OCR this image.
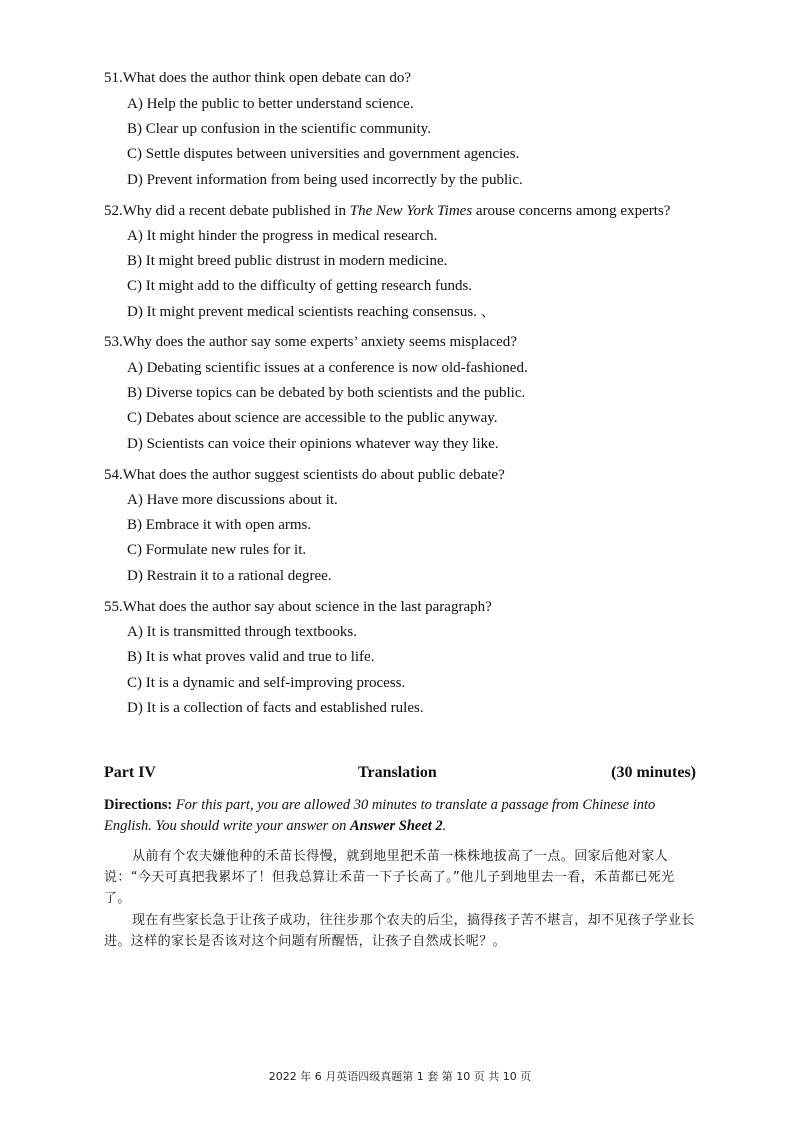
51.What does the author think open debate can do?
A) Help the public to better understand science.
B) Clear up confusion in the scientific community.
C) Settle disputes between universities and government agencies.
D) Prevent information from being used incorrectly by the public.
52.Why did a recent debate published in The New York Times arouse concerns among experts?
A) It might hinder the progress in medical research.
B) It might breed public distrust in modern medicine.
C) It might add to the difficulty of getting research funds.
D) It might prevent medical scientists reaching consensus. 、
53.Why does the author say some experts’ anxiety seems misplaced?
A) Debating scientific issues at a conference is now old-fashioned.
B) Diverse topics can be debated by both scientists and the public.
C) Debates about science are accessible to the public anyway.
D) Scientists can voice their opinions whatever way they like.
54.What does the author suggest scientists do about public debate?
A) Have more discussions about it.
B) Embrace it with open arms.
C) Formulate new rules for it.
D) Restrain it to a rational degree.
55.What does the author say about science in the last paragraph?
A) It is transmitted through textbooks.
B) It is what proves valid and true to life.
C) It is a dynamic and self-improving process.
D) It is a collection of facts and established rules.
Part IV	Translation	(30 minutes)
Directions: For this part, you are allowed 30 minutes to translate a passage from Chinese into English. You should write your answer on Answer Sheet 2.
从前有个农夫嫌他种的禾苗长得慢，就到地里把禾苗一株株地拔高了一点。回家后他对家人说：“今天可真把我累坏了！但我总算让禾苗一下子长高了。”他儿子到地里去一看，禾苗都已死光了。
现在有些家长急于让孩子成功，往往步那个农夫的后尘，搞得孩子苦不堪言，却不见孩子学业长进。这样的家长是否该对这个问题有所醒悟，让孩子自然成长呢？。
2022 年 6 月英语四级真题第 1 套 第 10 页 共 10 页
